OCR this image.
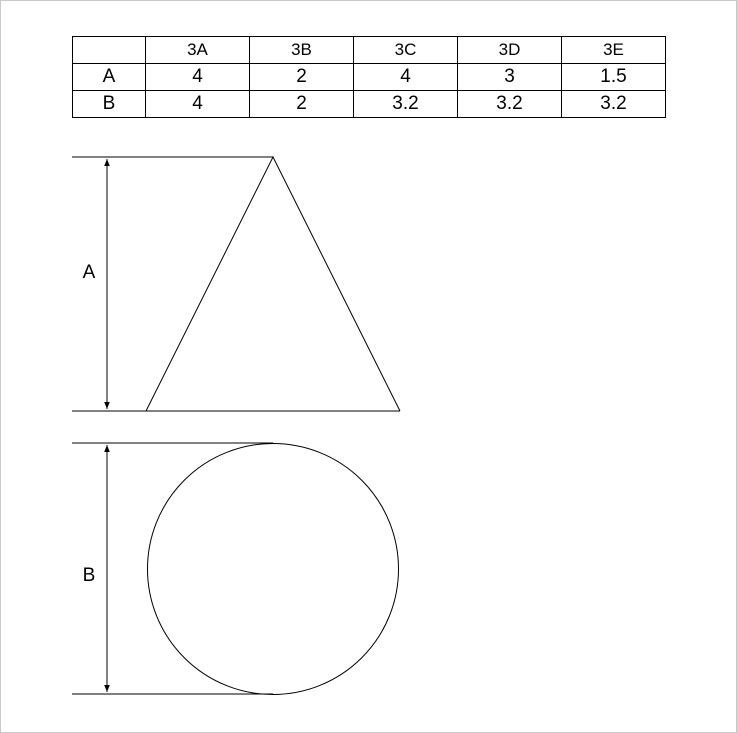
	3A	3B	3C	3D	3E
A	4	2	4	3	1.5
B	4	2	3.2	3.2	3.2
A
B
